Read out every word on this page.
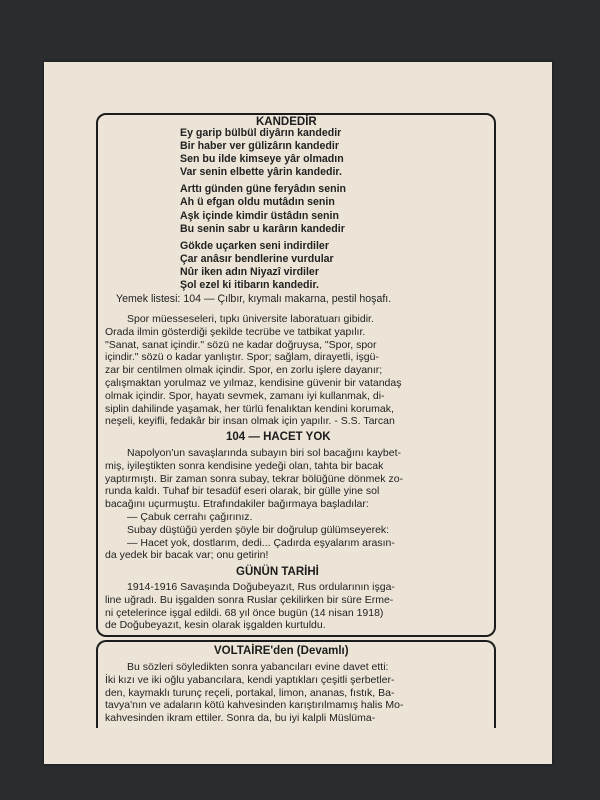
KANDEDİR
Ey garip bülbül diyârın kandedir
Bir haber ver gülizârın kandedir
Sen bu ilde kimseye yâr olmadın
Var senin elbette yârin kandedir.
Arttı günden güne feryâdın senin
Ah ü efgan oldu mutâdın senin
Aşk içinde kimdir üstâdın senin
Bu senin sabr u karârın kandedir
Gökde uçarken seni indirdiler
Çar anâsır bendlerine vurdular
Nûr iken adın Niyazî virdiler
Şol ezel ki itibarın kandedir.
Yemek listesi: 104 — Çılbır, kıymalı makarna, pestil hoşafı.
Spor müesseseleri, tıpkı üniversite laboratuarı gibidir.
Orada ilmin gösterdiği şekilde tecrübe ve tatbikat yapılır.
"Sanat, sanat içindir." sözü ne kadar doğruysa, "Spor, spor
içindir." sözü o kadar yanlıştır. Spor; sağlam, dirayetli, işgü-
zar bir centilmen olmak içindir. Spor, en zorlu işlere dayanır;
çalışmaktan yorulmaz ve yılmaz, kendisine güvenir bir vatandaş
olmak içindir. Spor, hayatı sevmek, zamanı iyi kullanmak, di-
siplin dahilinde yaşamak, her türlü fenalıktan kendini korumak,
neşeli, keyifli, fedakâr bir insan olmak için yapılır. - S.S. Tarcan
104 — HACET YOK
Napolyon'un savaşlarında subayın biri sol bacağını kaybet-
miş, iyileştikten sonra kendisine yedeği olan, tahta bir bacak
yaptırmıştı. Bir zaman sonra subay, tekrar bölüğüne dönmek zo-
runda kaldı. Tuhaf bir tesadüf eseri olarak, bir gülle yine sol
bacağını uçurmuştu. Etrafındakiler bağırmaya başladılar:
— Çabuk cerrahı çağırınız.
Subay düştüğü yerden şöyle bir doğrulup gülümseyerek:
— Hacet yok, dostlarım, dedi... Çadırda eşyalarım arasın-
da yedek bir bacak var; onu getirin!
GÜNÜN TARİHİ
1914-1916 Savaşında Doğubeyazıt, Rus ordularının işga-
line uğradı. Bu işgalden sonra Ruslar çekilirken bir süre Erme-
ni çetelerince işgal edildi. 68 yıl önce bugün (14 nisan 1918)
de Doğubeyazıt, kesin olarak işgalden kurtuldu.
VOLTAİRE'den (Devamlı)
Bu sözleri söyledikten sonra yabancıları evine davet etti:
İki kızı ve iki oğlu yabancılara, kendi yaptıkları çeşitli şerbetler-
den, kaymaklı turunç reçeli, portakal, limon, ananas, fıstık, Ba-
tavya'nın ve adaların kötü kahvesinden karıştırılmamış halis Mo-
kahvesinden ikram ettiler. Sonra da, bu iyi kalpli Müslüma-
